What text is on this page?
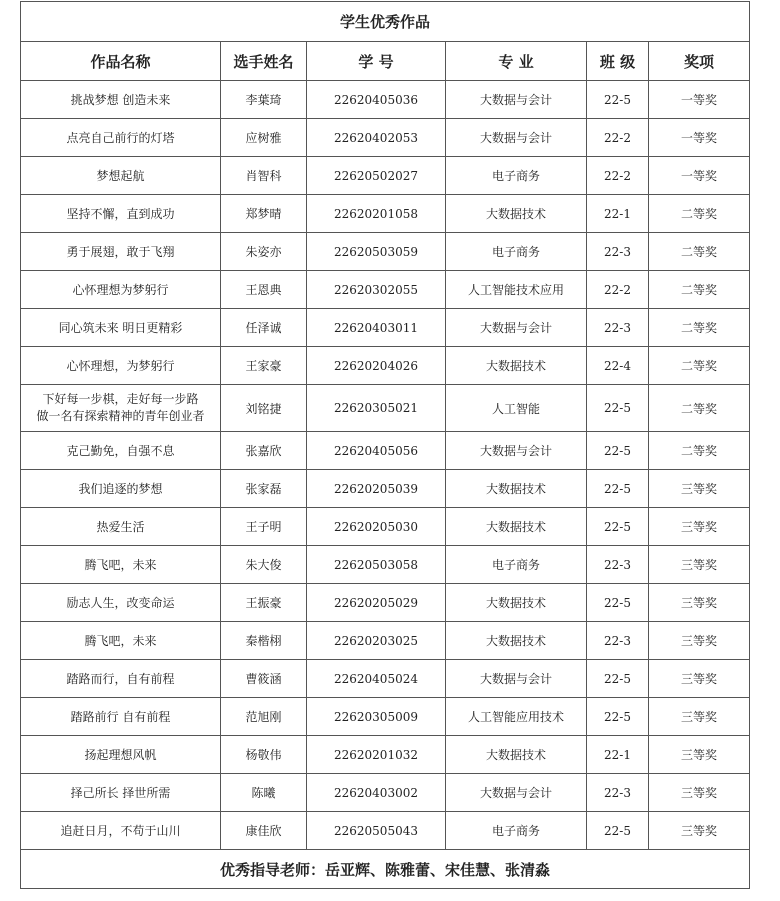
学生优秀作品					
作品名称	选手姓名	学 号	专 业	班 级	奖项
挑战梦想 创造未来	李葉琦	22620405036	大数据与会计	22-5	一等奖
点亮自己前行的灯塔	应树雅	22620402053	大数据与会计	22-2	一等奖
梦想起航	肖智科	22620502027	电子商务	22-2	一等奖
坚持不懈，直到成功	郑梦晴	22620201058	大数据技术	22-1	二等奖
勇于展翅，敢于飞翔	朱姿亦	22620503059	电子商务	22-3	二等奖
心怀理想为梦躬行	王恩典	22620302055	人工智能技术应用	22-2	二等奖
同心筑未来 明日更精彩	任泽诚	22620403011	大数据与会计	22-3	二等奖
心怀理想，为梦躬行	王家豪	22620204026	大数据技术	22-4	二等奖

下好每一步棋，走好每一步路
做一名有探索精神的青年创业者	刘铭捷	22620305021	人工智能	22-5	二等奖
克己勤免，自强不息	张嘉欣	22620405056	大数据与会计	22-5	二等奖
我们追逐的梦想	张家磊	22620205039	大数据技术	22-5	三等奖
热爱生活	王子明	22620205030	大数据技术	22-5	三等奖
腾飞吧，未来	朱大俊	22620503058	电子商务	22-3	三等奖
励志人生，改变命运	王振豪	22620205029	大数据技术	22-5	三等奖
腾飞吧，未来	秦楷栩	22620203025	大数据技术	22-3	三等奖
踏路而行，自有前程	曹筱涵	22620405024	大数据与会计	22-5	三等奖
踏路前行 自有前程	范旭刚	22620305009	人工智能应用技术	22-5	三等奖
扬起理想风帆	杨敬伟	22620201032	大数据技术	22-1	三等奖
择己所长 择世所需	陈曦	22620403002	大数据与会计	22-3	三等奖
追赶日月，不苟于山川	康佳欣	22620505043	电子商务	22-5	三等奖
优秀指导老师：岳亚辉、陈雅蕾、宋佳慧、张清淼					
